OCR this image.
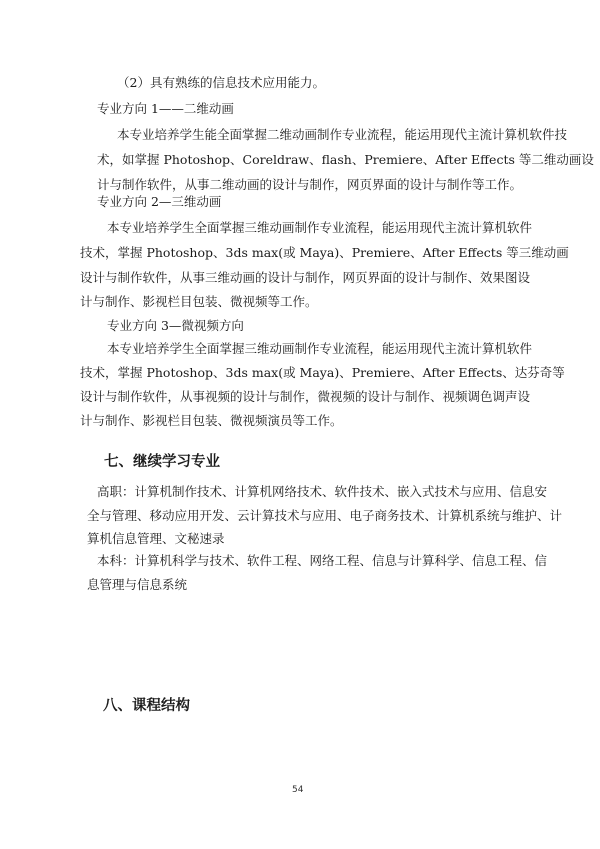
（2）具有熟练的信息技术应用能力。
专业方向 1——二维动画
本专业培养学生能全面掌握二维动画制作专业流程，能运用现代主流计算机软件技
术，如掌握 Photoshop、Coreldraw、flash、Premiere、After Effects 等二维动画设
计与制作软件，从事二维动画的设计与制作，网页界面的设计与制作等工作。
专业方向 2—三维动画
本专业培养学生全面掌握三维动画制作专业流程，能运用现代主流计算机软件
技术，掌握 Photoshop、3ds max(或 Maya)、Premiere、After Effects 等三维动画
设计与制作软件，从事三维动画的设计与制作，网页界面的设计与制作、效果图设
计与制作、影视栏目包装、微视频等工作。
专业方向 3—微视频方向
本专业培养学生全面掌握三维动画制作专业流程，能运用现代主流计算机软件
技术，掌握 Photoshop、3ds max(或 Maya)、Premiere、After Effects、达芬奇等
设计与制作软件，从事视频的设计与制作，微视频的设计与制作、视频调色调声设
计与制作、影视栏目包装、微视频演员等工作。
七、继续学习专业
高职：计算机制作技术、计算机网络技术、软件技术、嵌入式技术与应用、信息安
全与管理、移动应用开发、云计算技术与应用、电子商务技术、计算机系统与维护、计
算机信息管理、文秘速录
本科：计算机科学与技术、软件工程、网络工程、信息与计算科学、信息工程、信
息管理与信息系统
八、课程结构
54
